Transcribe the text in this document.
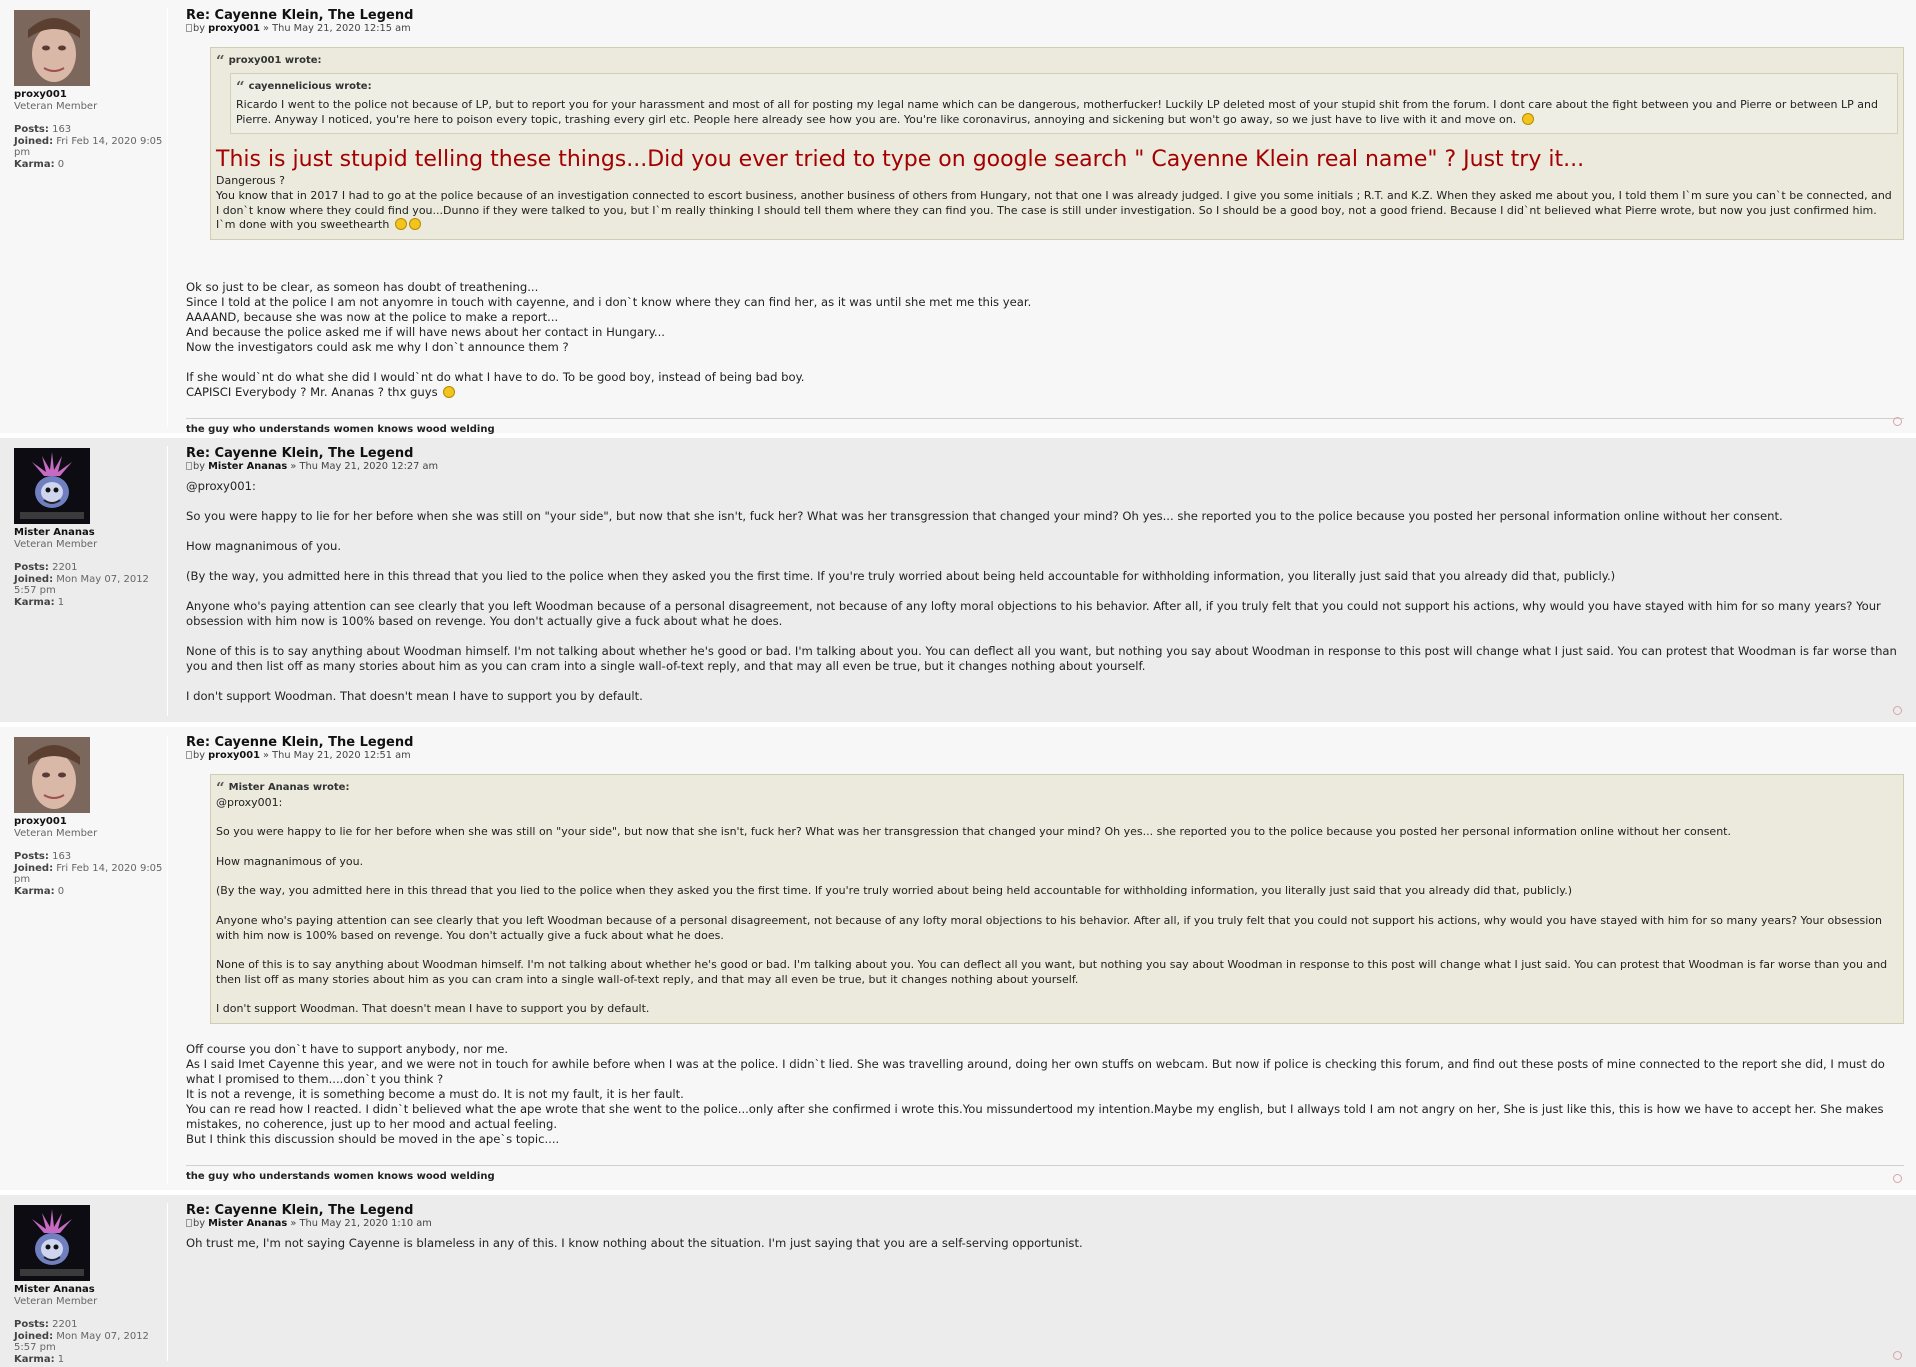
proxy001
Veteran Member
Posts: 163
Joined: Fri Feb 14, 2020 9:05 pm
Karma: 0
Re: Cayenne Klein, The Legend
by proxy001 » Thu May 21, 2020 12:15 am
“ proxy001 wrote:
“ cayennelicious wrote:
Ricardo I went to the police not because of LP, but to report you for your harassment and most of all for posting my legal name which can be dangerous, motherfucker! Luckily LP deleted most of your stupid shit from the forum. I dont care about the fight between you and Pierre or between LP and Pierre. Anyway I noticed, you're here to poison every topic, trashing every girl etc. People here already see how you are. You're like coronavirus, annoying and sickening but won't go away, so we just have to live with it and move on.
This is just stupid telling these things...Did you ever tried to type on google search " Cayenne Klein real name" ? Just try it...
Dangerous ?
You know that in 2017 I had to go at the police because of an investigation connected to escort business, another business of others from Hungary, not that one I was already judged. I give you some initials ; R.T. and K.Z. When they asked me about you, I told them I`m sure you can`t be connected, and I don`t know where they could find you...Dunno if they were talked to you, but I`m really thinking I should tell them where they can find you. The case is still under investigation. So I should be a good boy, not a good friend. Because I did`nt believed what Pierre wrote, but now you just confirmed him.
I`m done with you sweethearth
Ok so just to be clear, as someon has doubt of treathening...
Since I told at the police I am not anyomre in touch with cayenne, and i don`t know where they can find her, as it was until she met me this year.
AAAAND, because she was now at the police to make a report...
And because the police asked me if will have news about her contact in Hungary...
Now the investigators could ask me why I don`t announce them ?
If she would`nt do what she did I would`nt do what I have to do. To be good boy, instead of being bad boy.
CAPISCI Everybody ? Mr. Ananas ? thx guys
the guy who understands women knows wood welding
Mister Ananas
Veteran Member
Posts: 2201
Joined: Mon May 07, 2012 5:57 pm
Karma: 1
Re: Cayenne Klein, The Legend
by Mister Ananas » Thu May 21, 2020 12:27 am
@proxy001:
So you were happy to lie for her before when she was still on "your side", but now that she isn't, fuck her? What was her transgression that changed your mind? Oh yes... she reported you to the police because you posted her personal information online without her consent.
How magnanimous of you.
(By the way, you admitted here in this thread that you lied to the police when they asked you the first time. If you're truly worried about being held accountable for withholding information, you literally just said that you already did that, publicly.)
Anyone who's paying attention can see clearly that you left Woodman because of a personal disagreement, not because of any lofty moral objections to his behavior. After all, if you truly felt that you could not support his actions, why would you have stayed with him for so many years? Your obsession with him now is 100% based on revenge. You don't actually give a fuck about what he does.
None of this is to say anything about Woodman himself. I'm not talking about whether he's good or bad. I'm talking about you. You can deflect all you want, but nothing you say about Woodman in response to this post will change what I just said. You can protest that Woodman is far worse than you and then list off as many stories about him as you can cram into a single wall-of-text reply, and that may all even be true, but it changes nothing about yourself.
I don't support Woodman. That doesn't mean I have to support you by default.
proxy001
Veteran Member
Posts: 163
Joined: Fri Feb 14, 2020 9:05 pm
Karma: 0
Re: Cayenne Klein, The Legend
by proxy001 » Thu May 21, 2020 12:51 am
“ Mister Ananas wrote:
@proxy001:
So you were happy to lie for her before when she was still on "your side", but now that she isn't, fuck her? What was her transgression that changed your mind? Oh yes... she reported you to the police because you posted her personal information online without her consent.
How magnanimous of you.
(By the way, you admitted here in this thread that you lied to the police when they asked you the first time. If you're truly worried about being held accountable for withholding information, you literally just said that you already did that, publicly.)
Anyone who's paying attention can see clearly that you left Woodman because of a personal disagreement, not because of any lofty moral objections to his behavior. After all, if you truly felt that you could not support his actions, why would you have stayed with him for so many years? Your obsession with him now is 100% based on revenge. You don't actually give a fuck about what he does.
None of this is to say anything about Woodman himself. I'm not talking about whether he's good or bad. I'm talking about you. You can deflect all you want, but nothing you say about Woodman in response to this post will change what I just said. You can protest that Woodman is far worse than you and then list off as many stories about him as you can cram into a single wall-of-text reply, and that may all even be true, but it changes nothing about yourself.
I don't support Woodman. That doesn't mean I have to support you by default.
Off course you don`t have to support anybody, nor me.
As I said Imet Cayenne this year, and we were not in touch for awhile before when I was at the police. I didn`t lied. She was travelling around, doing her own stuffs on webcam. But now if police is checking this forum, and find out these posts of mine connected to the report she did, I must do what I promised to them....don`t you think ?
It is not a revenge, it is something become a must do. It is not my fault, it is her fault.
You can re read how I reacted. I didn`t believed what the ape wrote that she went to the police...only after she confirmed i wrote this.You missundertood my intention.Maybe my english, but I allways told I am not angry on her, She is just like this, this is how we have to accept her. She makes mistakes, no coherence, just up to her mood and actual feeling.
But I think this discussion should be moved in the ape`s topic....
the guy who understands women knows wood welding
Mister Ananas
Veteran Member
Posts: 2201
Joined: Mon May 07, 2012 5:57 pm
Karma: 1
Re: Cayenne Klein, The Legend
by Mister Ananas » Thu May 21, 2020 1:10 am
Oh trust me, I'm not saying Cayenne is blameless in any of this. I know nothing about the situation. I'm just saying that you are a self-serving opportunist.
